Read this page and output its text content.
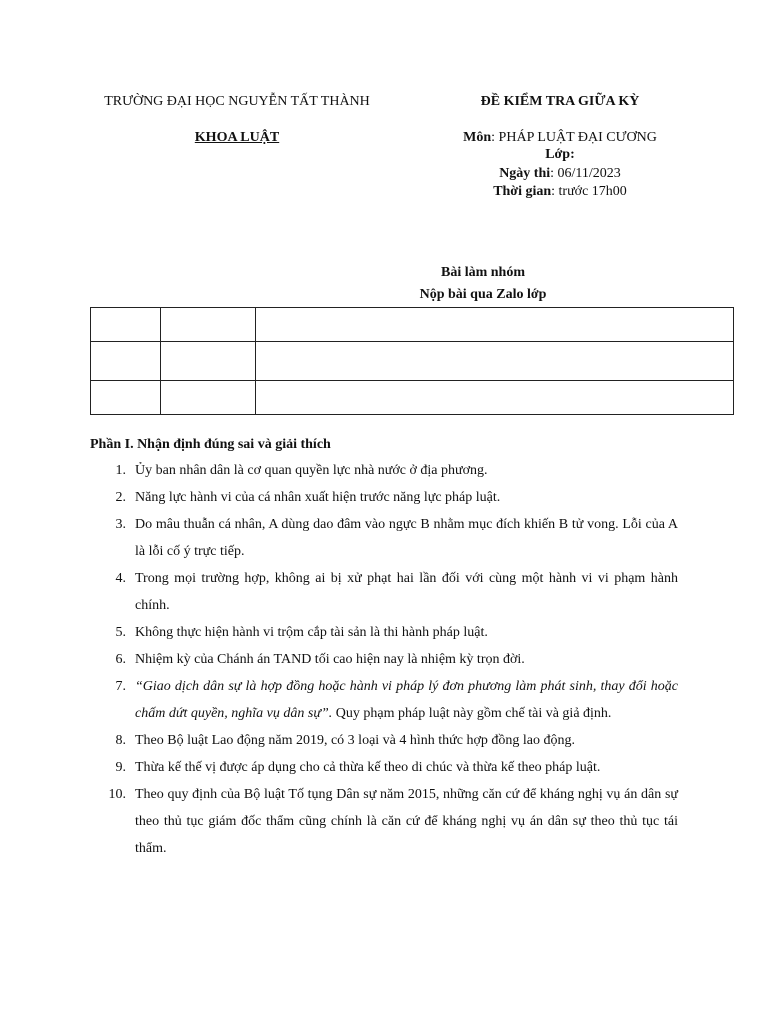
TRƯỜNG ĐẠI HỌC NGUYỄN TẤT THÀNH
KHOA LUẬT
ĐỀ KIỂM TRA GIỮA KỲ
Môn: PHÁP LUẬT ĐẠI CƯƠNG
Lớp:
Ngày thi: 06/11/2023
Thời gian: trước 17h00
Bài làm nhóm
Nộp bài qua Zalo lớp

Phần I. Nhận định đúng sai và giải thích
1. Ủy ban nhân dân là cơ quan quyền lực nhà nước ở địa phương.
2. Năng lực hành vi của cá nhân xuất hiện trước năng lực pháp luật.
3. Do mâu thuẫn cá nhân, A dùng dao đâm vào ngực B nhằm mục đích khiến B tử vong. Lỗi của A là lỗi cố ý trực tiếp.
4. Trong mọi trường hợp, không ai bị xử phạt hai lần đối với cùng một hành vi vi phạm hành chính.
5. Không thực hiện hành vi trộm cắp tài sản là thi hành pháp luật.
6. Nhiệm kỳ của Chánh án TAND tối cao hiện nay là nhiệm kỳ trọn đời.
7. “Giao dịch dân sự là hợp đồng hoặc hành vi pháp lý đơn phương làm phát sinh, thay đổi hoặc chấm dứt quyền, nghĩa vụ dân sự”. Quy phạm pháp luật này gồm chế tài và giả định.
8. Theo Bộ luật Lao động năm 2019, có 3 loại và 4 hình thức hợp đồng lao động.
9. Thừa kế thế vị được áp dụng cho cả thừa kế theo di chúc và thừa kế theo pháp luật.
10. Theo quy định của Bộ luật Tố tụng Dân sự năm 2015, những căn cứ để kháng nghị vụ án dân sự theo thủ tục giám đốc thẩm cũng chính là căn cứ để kháng nghị vụ án dân sự theo thủ tục tái thẩm.
